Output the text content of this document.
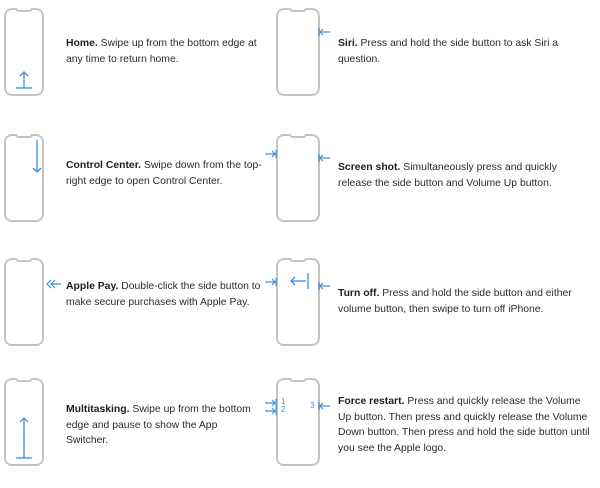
Home. Swipe up from the bottom edge at any time to return home.
Control Center. Swipe down from the top-right edge to open Control Center.
Apple Pay. Double-click the side button to make secure purchases with Apple Pay.
Multitasking. Swipe up from the bottom edge and pause to show the App Switcher.
Siri. Press and hold the side button to ask Siri a question.
Screen shot. Simultaneously press and quickly release the side button and Volume Up button.
Turn off. Press and hold the side button and either volume button, then swipe to turn off iPhone.
1
2	3 Force restart. Press and quickly release the Volume Up button. Then press and quickly release the Volume Down button. Then press and hold the side button until you see the Apple logo.
